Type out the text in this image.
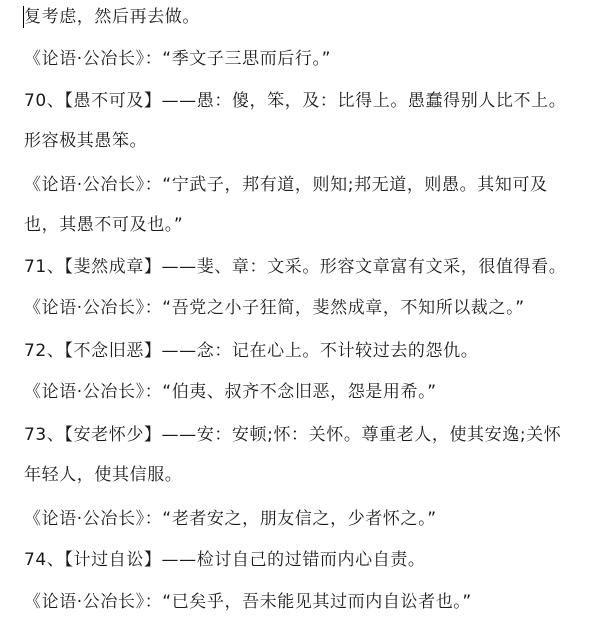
复考虑，然后再去做。
《论语·公冶长》：“季文子三思而后行。”
70、【愚不可及】——愚：傻，笨，及：比得上。愚蠢得别人比不上。
形容极其愚笨。
《论语·公冶长》：“宁武子，邦有道，则知;邦无道，则愚。其知可及
也，其愚不可及也。”
71、【斐然成章】——斐、章：文采。形容文章富有文采，很值得看。
《论语·公冶长》：“吾党之小子狂简，斐然成章，不知所以裁之。”
72、【不念旧恶】——念：记在心上。不计较过去的怨仇。
《论语·公冶长》：“伯夷、叔齐不念旧恶，怨是用希。”
73、【安老怀少】——安：安顿;怀：关怀。尊重老人，使其安逸;关怀
年轻人，使其信服。
《论语·公冶长》：“老者安之，朋友信之，少者怀之。”
74、【计过自讼】——检讨自己的过错而内心自责。
《论语·公冶长》：“已矣乎，吾未能见其过而内自讼者也。”
